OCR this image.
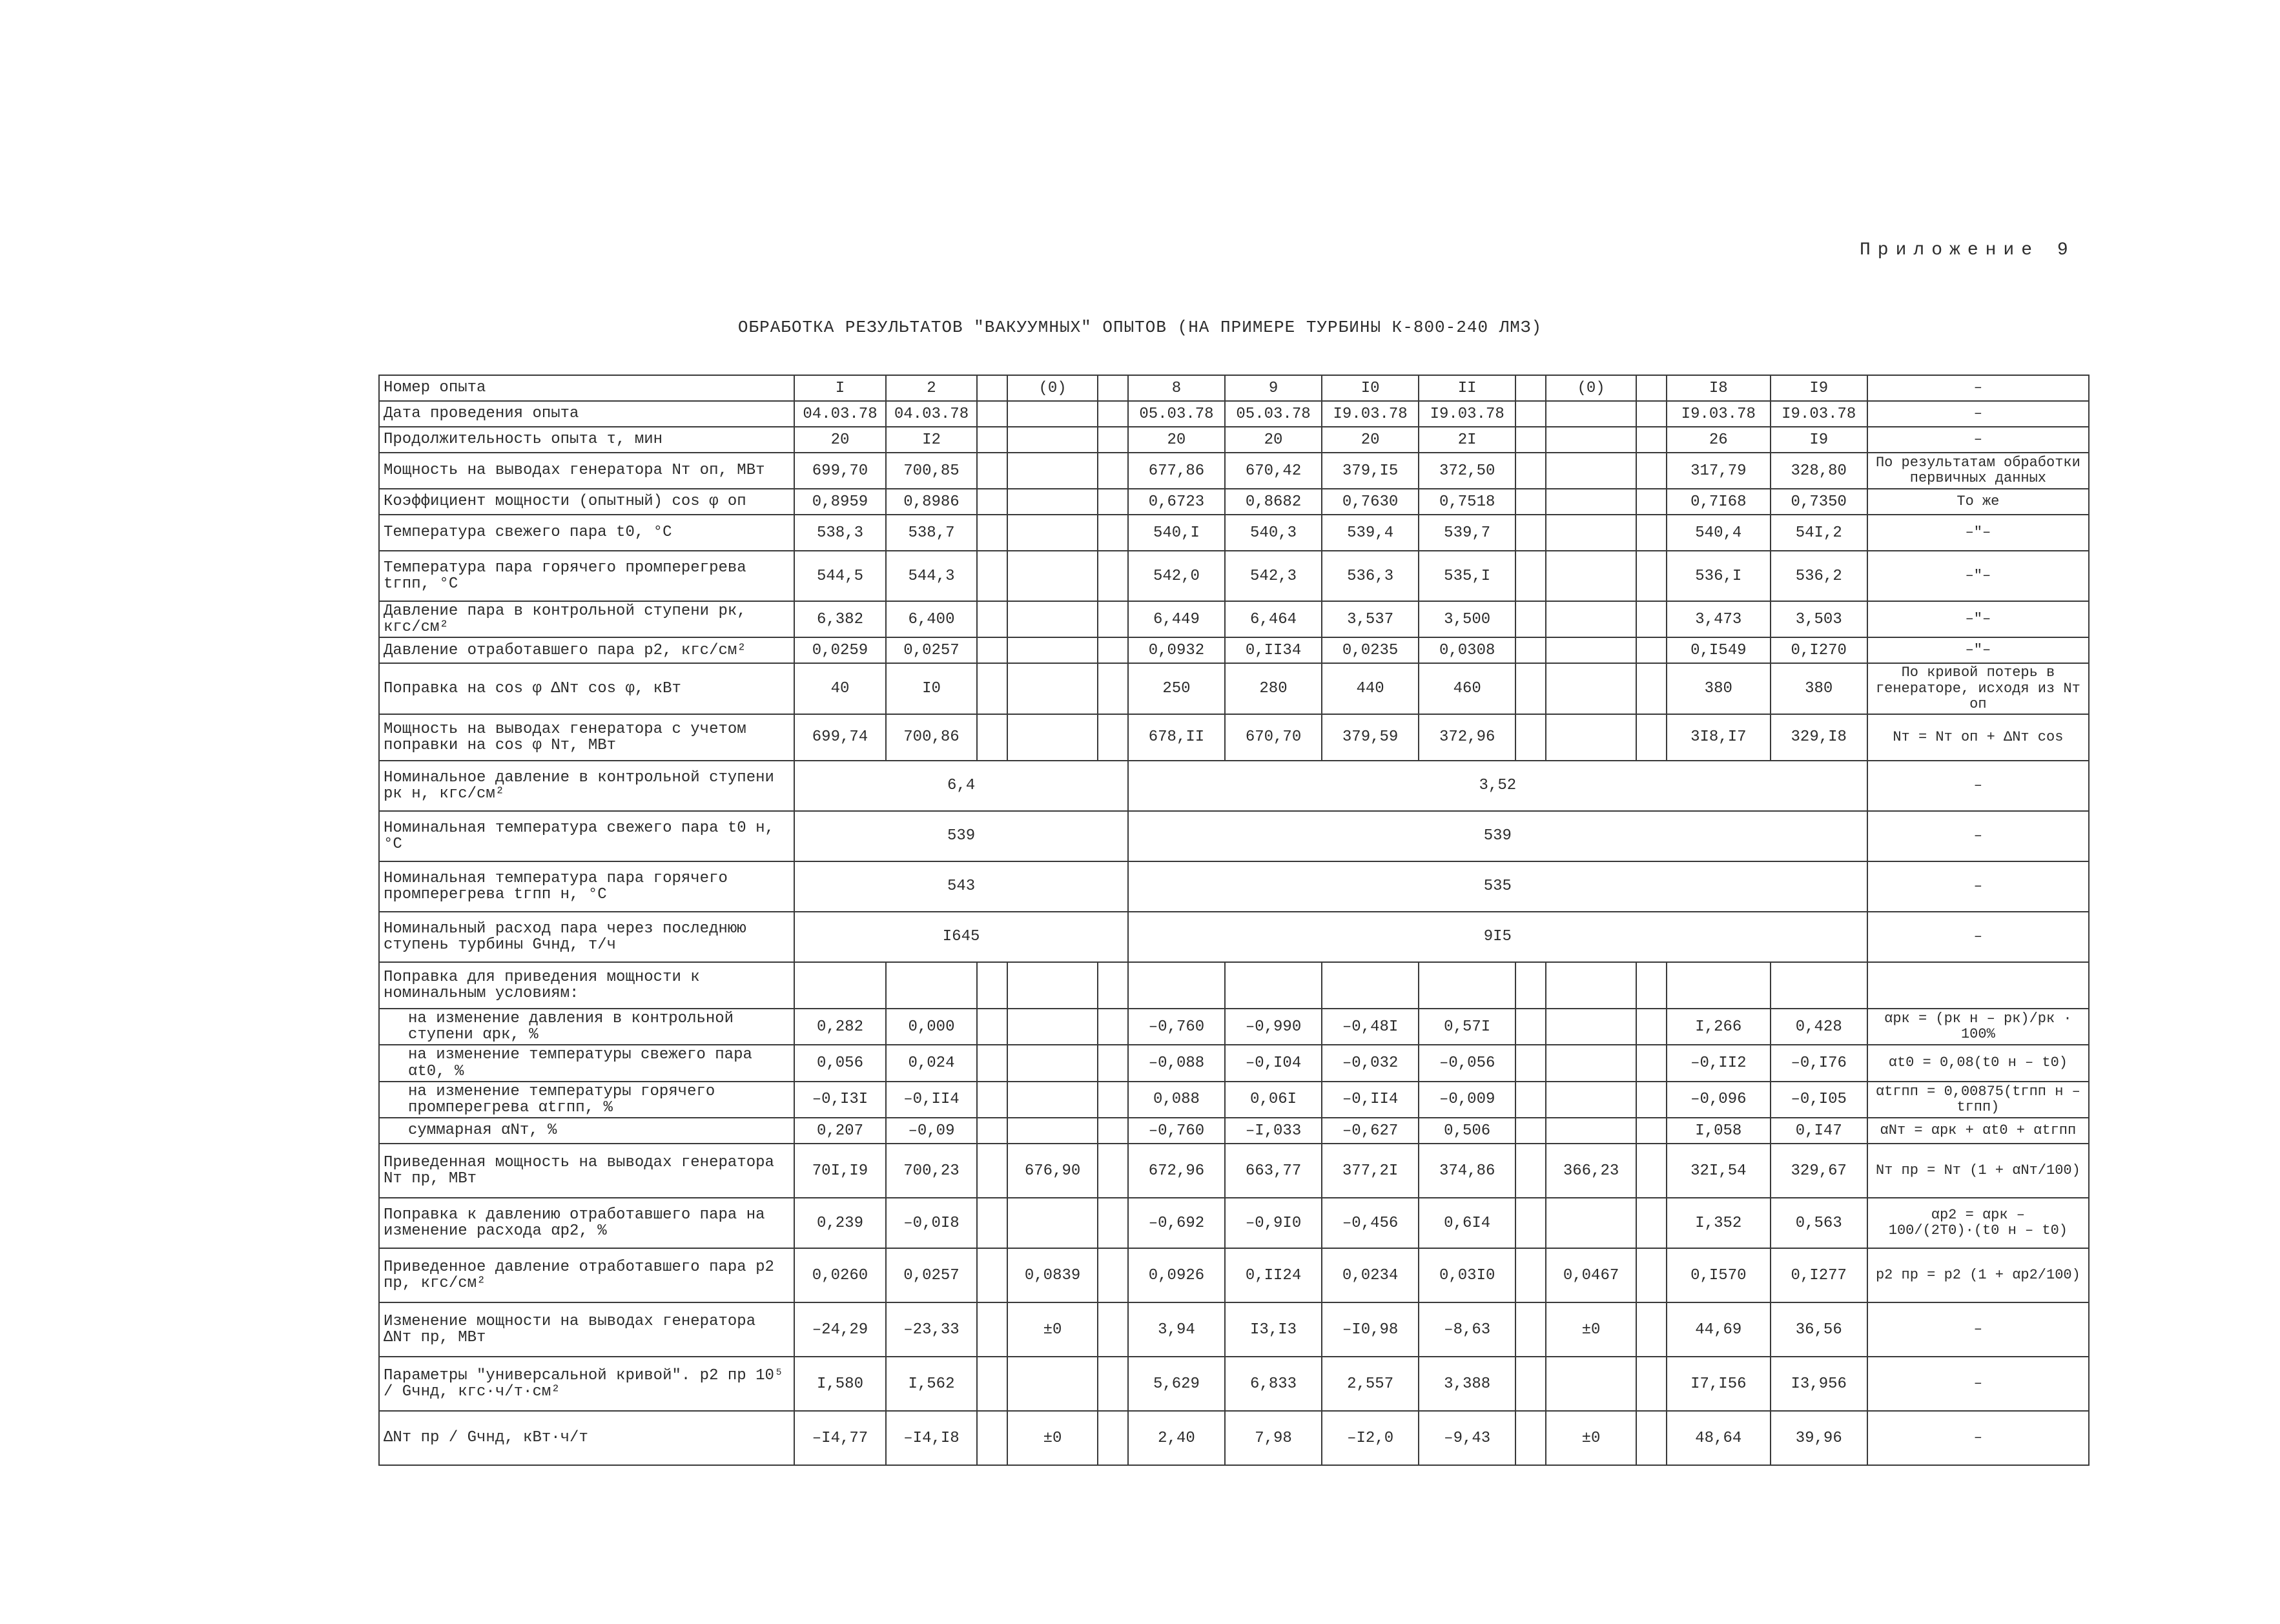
Приложение 9
ОБРАБОТКА РЕЗУЛЬТАТОВ "ВАКУУМНЫХ" ОПЫТОВ (НА ПРИМЕРЕ ТУРБИНЫ К-800-240 ЛМЗ)
Номер опыта	I	2		(0)		8	9	I0	II		(0)		I8	I9	–
Дата проведения опыта	04.03.78	04.03.78				05.03.78	05.03.78	I9.03.78	I9.03.78				I9.03.78	I9.03.78	–
Продолжительность опыта τ, мин	20	I2				20	20	20	2I				26	I9	–
Мощность на выводах генератора Nт оп, МВт	699,70	700,85				677,86	670,42	379,I5	372,50				317,79	328,80	По результатам обработки первичных данных
Коэффициент мощности (опытный) cos φ оп	0,8959	0,8986				0,6723	0,8682	0,7630	0,7518				0,7I68	0,7350	То же
Температура свежего пара t0, °C	538,3	538,7				540,I	540,3	539,4	539,7				540,4	54I,2	–"–
Температура пара горячего промперегрева tгпп, °C	544,5	544,3				542,0	542,3	536,3	535,I				536,I	536,2	–"–
Давление пара в контрольной ступени pк, кгс/см²	6,382	6,400				6,449	6,464	3,537	3,500				3,473	3,503	–"–
Давление отработавшего пара p2, кгс/см²	0,0259	0,0257				0,0932	0,II34	0,0235	0,0308				0,I549	0,I270	–"–
Поправка на cos φ ΔNт cos φ, кВт	40	I0				250	280	440	460				380	380	По кривой потерь в генераторе, исходя из Nт оп
Мощность на выводах генератора с учетом поправки на cos φ Nт, МВт	699,74	700,86				678,II	670,70	379,59	372,96				3I8,I7	329,I8	Nт = Nт оп + ΔNт cos
Номинальное давление в контрольной ступени pк н, кгс/см²	6,4					3,52									–
Номинальная температура свежего пара t0 н, °C	539					539									–
Номинальная температура пара горячего промперегрева tгпп н, °C	543					535									–
Номинальный расход пара через последнюю ступень турбины Gчнд, т/ч	I645					9I5									–
Поправка для приведения мощности к номинальным условиям:															
на изменение давления в контрольной ступени αpк, %	0,282	0,000				–0,760	–0,990	–0,48I	0,57I				I,266	0,428	αpк = (pк н – pк)/pк · 100%
на изменение температуры свежего пара αt0, %	0,056	0,024				–0,088	–0,I04	–0,032	–0,056				–0,II2	–0,I76	αt0 = 0,08(t0 н – t0)
на изменение температуры горячего промперегрева αtгпп, %	–0,I3I	–0,II4				0,088	0,06I	–0,II4	–0,009				–0,096	–0,I05	αtгпп = 0,00875(tгпп н – tгпп)
суммарная αNт, %	0,207	–0,09				–0,760	–I,033	–0,627	0,506				I,058	0,I47	αNт = αpк + αt0 + αtгпп
Приведенная мощность на выводах генератора Nт пр, МВт	70I,I9	700,23		676,90		672,96	663,77	377,2I	374,86		366,23		32I,54	329,67	Nт пр = Nт (1 + αNт/100)
Поправка к давлению отработавшего пара на изменение расхода αp2, %	0,239	–0,0I8				–0,692	–0,9I0	–0,456	0,6I4				I,352	0,563	αp2 = αpк – 100/(2T0)·(t0 н – t0)
Приведенное давление отработавшего пара p2 пр, кгс/см²	0,0260	0,0257		0,0839		0,0926	0,II24	0,0234	0,03I0		0,0467		0,I570	0,I277	p2 пр = p2 (1 + αp2/100)
Изменение мощности на выводах генератора ΔNт пр, МВт	–24,29	–23,33		±0		3,94	I3,I3	–I0,98	–8,63		±0		44,69	36,56	–
Параметры "универсальной кривой". p2 пр 10⁵ / Gчнд, кгс·ч/т·см²	I,580	I,562				5,629	6,833	2,557	3,388				I7,I56	I3,956	–
ΔNт пр / Gчнд, кВт·ч/т	–I4,77	–I4,I8		±0		2,40	7,98	–I2,0	–9,43		±0		48,64	39,96	–
